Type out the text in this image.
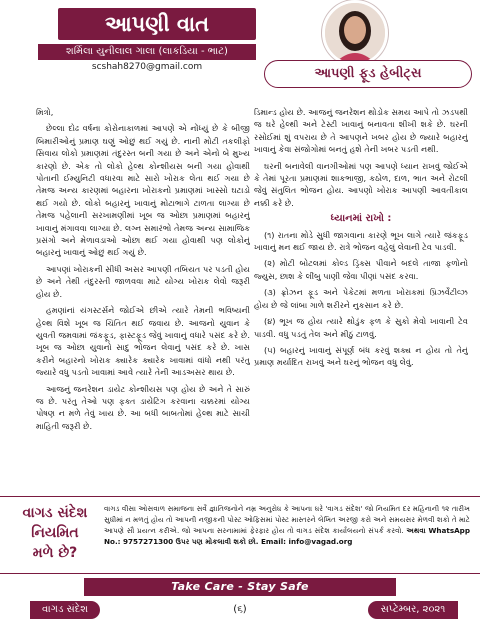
આપણી વાત
શર્મિલા યુનીલાલ ગાલા (લાકડિયા - ભાટ)
scshah8270@gmail.com	આપણી ફૂડ હેબીટ્સ

મિત્રો,

છેલ્લા દોઢ વર્ષના કોરોનાકાળમાં આપણે એ નોંધ્યું છે કે બીજી બિમારીઓનું પ્રમાણ ઘણું ઓછું થઈ ગયું છે. નાની મોટી તકલીફો સિવાય લોકો પ્રમાણમાં તંદુરસ્ત બની ગયા છે અને એનો બે મુખ્ય કારણો છે. એક તો લોકો હેલ્થ કોન્શીયસ બની ગયા હોવાથી પોતાની ઈમ્યુનિટી વધારવા માટે સારો ખોરાક લેતા થઈ ગયા છે તેમજ અન્ય કારણમાં બહારના ખોરાકનો પ્રમાણમાં ખાસ્સો ઘટાડો થઈ ગયો છે. લોકો બહારનું ખાવાનું મોટાભાગે ટાળતા લાગ્યા છે તેમજ પહેલાની સરખામણીમાં ખૂબ જ ઓછા પ્રમાણમાં બહારનું ખાવાનું મંગાવવા લાગ્યા છે. લગ્ન સમારંભો તેમજ અન્ય સામાજિક પ્રસંગો અને મેળાવડાઓ ઓછા થઈ ગયા હોવાથી પણ લોકોનું બહારનું ખાવાનું ઓછું થઈ ગયું છે.

આપણાં ખોરાકની સીધી અસર આપણી તબિયત પર પડતી હોય છે અને તેથી તંદુરસ્તી જાળવવા માટે યોગ્ય ખોરાક લેવો જરૂરી હોય છે.

હમણાંનાં યંગસ્ટર્સને જોઈએ છીએ ત્યારે તેમની ભવિષ્યની હેલ્થ વિશે ખૂબ જ ચિંતિત થઈ જવાય છે. આજનો યુવાન કે યુવતી જમવામાં જંકફૂડ, ફાસ્ટફૂડ જેવું ખાવાનું વધારે પસંદ કરે છે. ખૂબ જ ઓછા યુવાનો સાદુ ભોજન લેવાનું પસંદ કરે છે. ખાસ કરીને બહારનો ખોરાક ક્યારેક ક્યારેક ખાવામાં વાંધો નથી પરંતુ જ્યારે વધુ પડતો ખાવામાં આવે ત્યારે તેની આડઅસર થાય છે.

આજનું જનરેશન ડાયેટ કોન્શીયસ પણ હોય છે અને તે સારું જ છે. પરંતુ તેઓ પણ ફક્ત ડાયેટિંગ કરવાના ચક્કરમાં યોગ્ય પોષણ ન મળે તેવું ખાય છે. આ બધી બાબતોમાં હેલ્થ માટે સાચી માહિતી જરૂરી છે.

ડિમાન્ડ હોય છે. આજનું જનરેશન થોડોક સમય આપે તો ઝડપથી જ ઘરે હેલ્થી અને ટેસ્ટી ખાવાનું બનાવતા શીખી શકે છે. ઘરની રસોઈમાં શું વપરાય છે તે આપણને ખબર હોય છે જ્યારે બહારનું ખાવાનું કેવા સંજોગોમાં બનતું હશે તેની ખબર પડતી નથી.

ઘરની બનાવેલી વાનગીઓમાં પણ આપણે ધ્યાન રાખવું જોઈએ કે તેમાં પૂરતા પ્રમાણમાં શાકભાજી, કઠોળ, દાળ, ભાત અને રોટલી જેવું સંતુલિત ભોજન હોય. આપણો ખોરાક આપણી આવતીકાલ નક્કી કરે છે.

ધ્યાનમાં રાખો :

(૧) રાતના મોડે સુધી જાગવાના કારણે ભૂખ લાગે ત્યારે જંકફૂડ ખાવાનું મન થઈ જાય છે. રાત્રે ભોજન વહેલું લેવાની ટેવ પાડવી.

(૨) મોટી બોટલમાં કોલ્ડ ડ્રિંક્સ પીવાને બદલે તાજા ફળોનો જ્યુસ, છાશ કે લીંબુ પાણી જેવા પીણાં પસંદ કરવા.

(૩) ફ્રોઝન ફૂડ અને પેકેટમાં મળતા ખોરાકમાં પ્રિઝર્વેટીવ્ઝ હોય છે જે લાંબા ગાળે શરીરને નુકસાન કરે છે.

(૪) ભૂખ જ હોય ત્યારે થોડુંક ફળ કે સુકો મેવો ખાવાની ટેવ પાડવી. વધુ પડતું તેલ અને મીઠું ટાળવું.

(૫) બહારનું ખાવાનું સંપૂર્ણ બંધ કરવું શક્ય ન હોય તો તેનું પ્રમાણ મર્યાદિત રાખવું અને ઘરનું ભોજન વધુ લેવું.

વાગડ સંદેશ
નિયમિત
મળે છે?
વાગડ વીસા ઓસવાળ સમાજના સર્વે જ્ઞાતિજનોને નમ્ર અનુરોધ કે આપના ઘરે 'વાગડ સંદેશ' જો નિયમિત દર મહિનાની ૧૨ તારીખ સુધીમાં ન મળતું હોય તો આપની નજીકની પોસ્ટ ઓફિસમાં પોસ્ટ માસ્તરને લેખિત અરજી કરો અને સમયસર મેળવી શકો તે માટે આપણે સૌ પ્રયત્ન કરીએ. જો આપના સરનામામાં ફેરફાર હોય તો વાગડ સંદેશ કાર્યાલયનો સંપર્ક કરવો. અથવા WhatsApp No.: 9757271300 ઉપર પણ મોકલાવી શકો છો. Email: info@vagad.org
Take Care - Stay Safe
વાગડ સંદેશ	(૬)	સપ્ટેમ્બર, ૨૦૨૧
